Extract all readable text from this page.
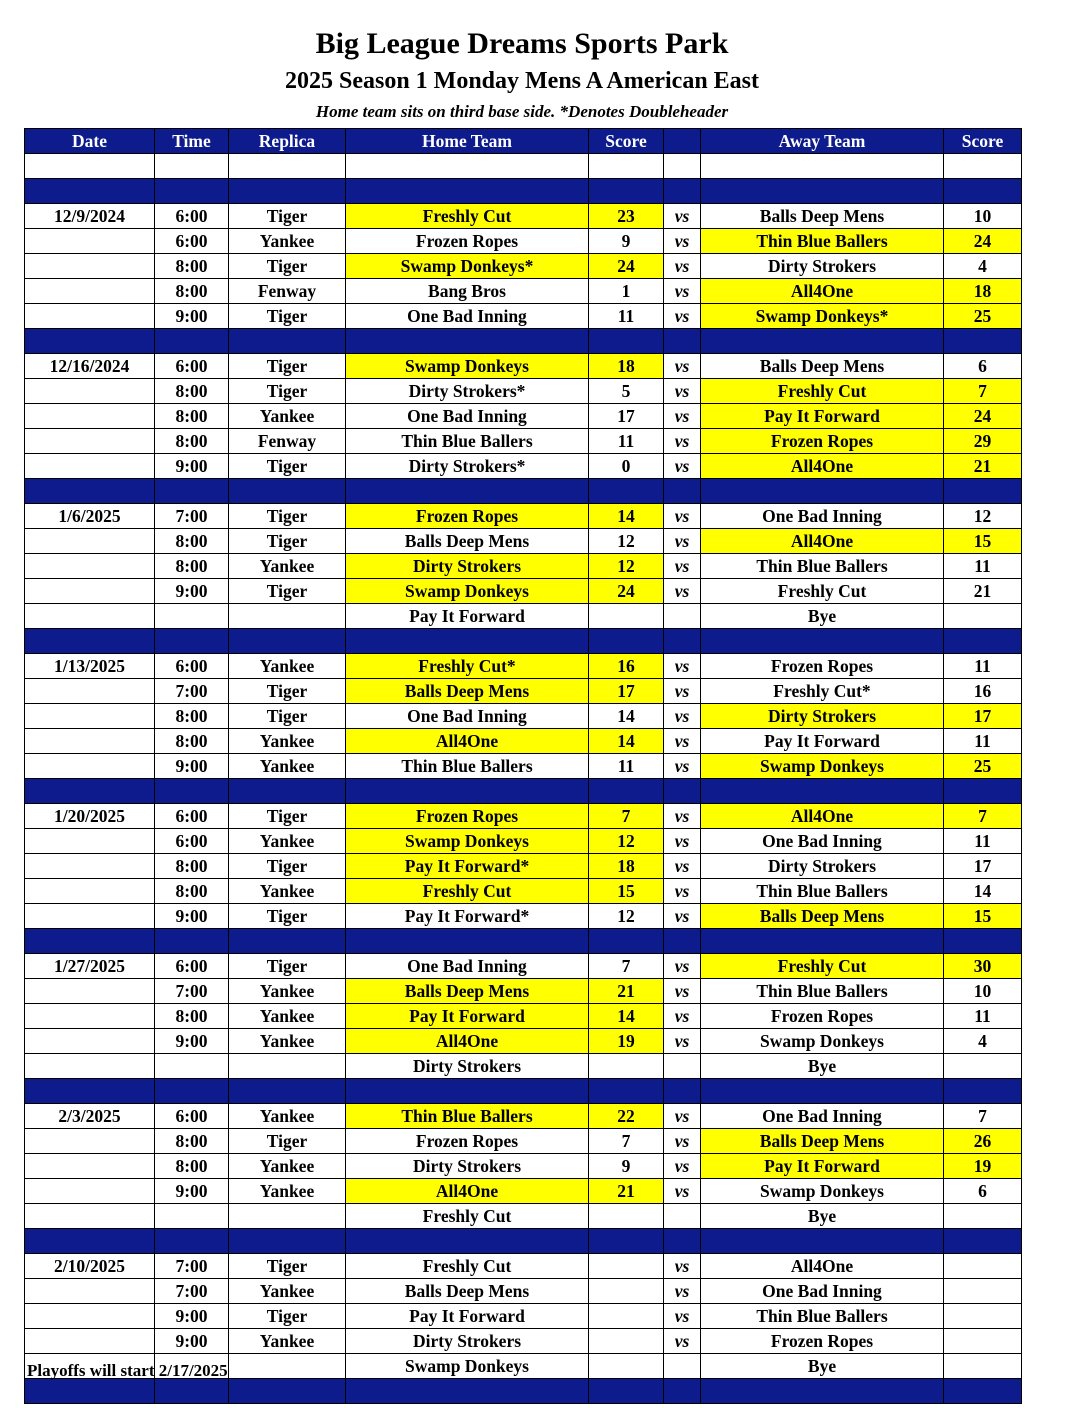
Big League Dreams Sports Park
2025 Season 1 Monday Mens A American East
Home team sits on third base side. *Denotes Doubleheader
Date	Time	Replica	Home Team	Score		Away Team	Score

12/9/2024	6:00	Tiger	Freshly Cut	23	vs	Balls Deep Mens	10
	6:00	Yankee	Frozen Ropes	9	vs	Thin Blue Ballers	24
	8:00	Tiger	Swamp Donkeys*	24	vs	Dirty Strokers	4
	8:00	Fenway	Bang Bros	1	vs	All4One	18
	9:00	Tiger	One Bad Inning	11	vs	Swamp Donkeys*	25

12/16/2024	6:00	Tiger	Swamp Donkeys	18	vs	Balls Deep Mens	6
	8:00	Tiger	Dirty Strokers*	5	vs	Freshly Cut	7
	8:00	Yankee	One Bad Inning	17	vs	Pay It Forward	24
	8:00	Fenway	Thin Blue Ballers	11	vs	Frozen Ropes	29
	9:00	Tiger	Dirty Strokers*	0	vs	All4One	21

1/6/2025	7:00	Tiger	Frozen Ropes	14	vs	One Bad Inning	12
	8:00	Tiger	Balls Deep Mens	12	vs	All4One	15
	8:00	Yankee	Dirty Strokers	12	vs	Thin Blue Ballers	11
	9:00	Tiger	Swamp Donkeys	24	vs	Freshly Cut	21
			Pay It Forward			Bye	

1/13/2025	6:00	Yankee	Freshly Cut*	16	vs	Frozen Ropes	11
	7:00	Tiger	Balls Deep Mens	17	vs	Freshly Cut*	16
	8:00	Tiger	One Bad Inning	14	vs	Dirty Strokers	17
	8:00	Yankee	All4One	14	vs	Pay It Forward	11
	9:00	Yankee	Thin Blue Ballers	11	vs	Swamp Donkeys	25

1/20/2025	6:00	Tiger	Frozen Ropes	7	vs	All4One	7
	6:00	Yankee	Swamp Donkeys	12	vs	One Bad Inning	11
	8:00	Tiger	Pay It Forward*	18	vs	Dirty Strokers	17
	8:00	Yankee	Freshly Cut	15	vs	Thin Blue Ballers	14
	9:00	Tiger	Pay It Forward*	12	vs	Balls Deep Mens	15

1/27/2025	6:00	Tiger	One Bad Inning	7	vs	Freshly Cut	30
	7:00	Yankee	Balls Deep Mens	21	vs	Thin Blue Ballers	10
	8:00	Yankee	Pay It Forward	14	vs	Frozen Ropes	11
	9:00	Yankee	All4One	19	vs	Swamp Donkeys	4
			Dirty Strokers			Bye	

2/3/2025	6:00	Yankee	Thin Blue Ballers	22	vs	One Bad Inning	7
	8:00	Tiger	Frozen Ropes	7	vs	Balls Deep Mens	26
	8:00	Yankee	Dirty Strokers	9	vs	Pay It Forward	19
	9:00	Yankee	All4One	21	vs	Swamp Donkeys	6
			Freshly Cut			Bye	

2/10/2025	7:00	Tiger	Freshly Cut		vs	All4One	
	7:00	Yankee	Balls Deep Mens		vs	One Bad Inning	
	9:00	Tiger	Pay It Forward		vs	Thin Blue Ballers	
	9:00	Yankee	Dirty Strokers		vs	Frozen Ropes	
			Swamp Donkeys			Bye	

Playoffs will start 2/17/2025
